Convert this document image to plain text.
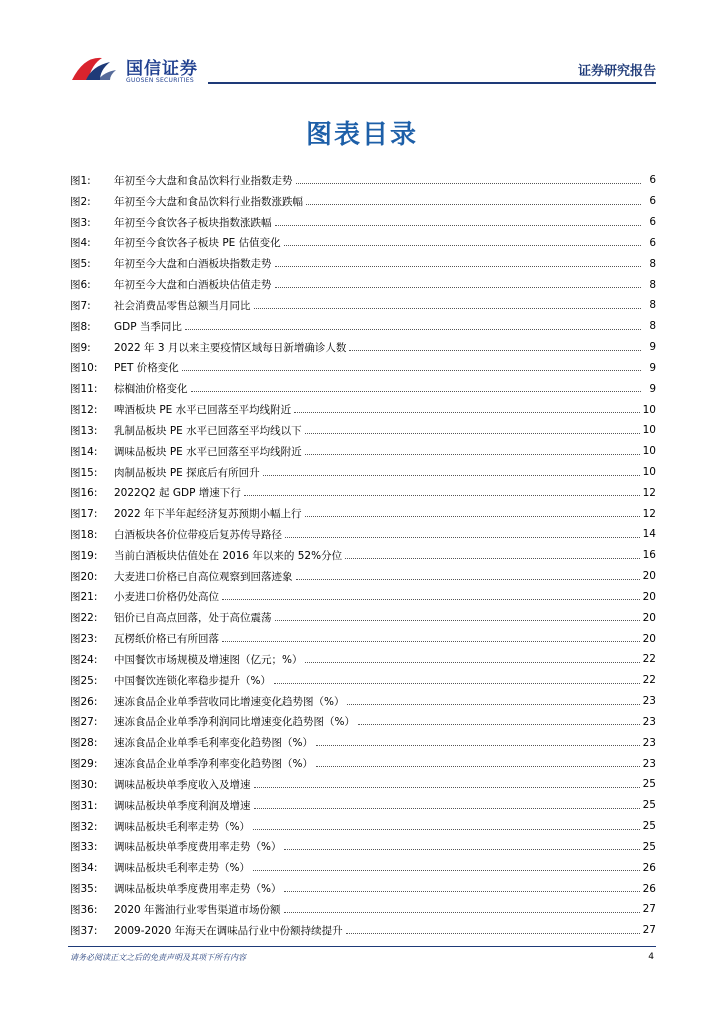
国信证券
GUOSEN SECURITIES
证券研究报告
图表目录
图1:	年初至今大盘和食品饮料行业指数走势	6
图2:	年初至今大盘和食品饮料行业指数涨跌幅	6
图3:	年初至今食饮各子板块指数涨跌幅	6
图4:	年初至今食饮各子板块 PE 估值变化	6
图5:	年初至今大盘和白酒板块指数走势	8
图6:	年初至今大盘和白酒板块估值走势	8
图7:	社会消费品零售总额当月同比	8
图8:	GDP 当季同比	8
图9:	2022 年 3 月以来主要疫情区域每日新增确诊人数	9
图10:	PET 价格变化	9
图11:	棕榈油价格变化	9
图12:	啤酒板块 PE 水平已回落至平均线附近	10
图13:	乳制品板块 PE 水平已回落至平均线以下	10
图14:	调味品板块 PE 水平已回落至平均线附近	10
图15:	肉制品板块 PE 探底后有所回升	10
图16:	2022Q2 起 GDP 增速下行	12
图17:	2022 年下半年起经济复苏预期小幅上行	12
图18:	白酒板块各价位带疫后复苏传导路径	14
图19:	当前白酒板块估值处在 2016 年以来的 52%分位	16
图20:	大麦进口价格已自高位观察到回落迹象	20
图21:	小麦进口价格仍处高位	20
图22:	铝价已自高点回落，处于高位震荡	20
图23:	瓦楞纸价格已有所回落	20
图24:	中国餐饮市场规模及增速图（亿元；%）	22
图25:	中国餐饮连锁化率稳步提升（%）	22
图26:	速冻食品企业单季营收同比增速变化趋势图（%）	23
图27:	速冻食品企业单季净利润同比增速变化趋势图（%）	23
图28:	速冻食品企业单季毛利率变化趋势图（%）	23
图29:	速冻食品企业单季净利率变化趋势图（%）	23
图30:	调味品板块单季度收入及增速	25
图31:	调味品板块单季度利润及增速	25
图32:	调味品板块毛利率走势（%）	25
图33:	调味品板块单季度费用率走势（%）	25
图34:	调味品板块毛利率走势（%）	26
图35:	调味品板块单季度费用率走势（%）	26
图36:	2020 年酱油行业零售渠道市场份额	27
图37:	2009-2020 年海天在调味品行业中份额持续提升	27
请务必阅读正文之后的免责声明及其项下所有内容	4
